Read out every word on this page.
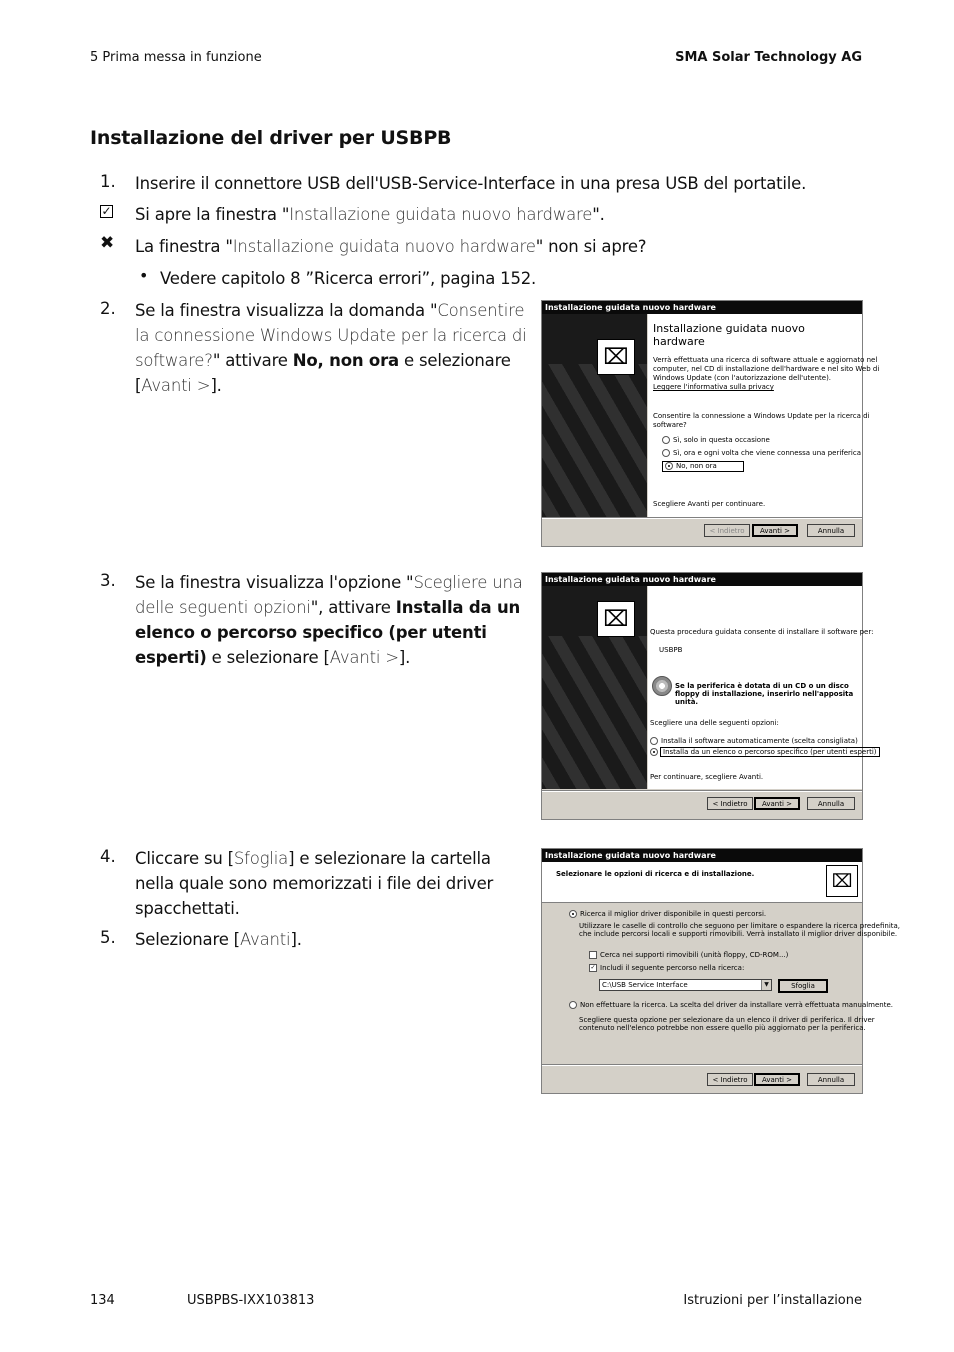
5 Prima messa in funzione	SMA Solar Technology AG
Installazione del driver per USBPB
1. Inserire il connettore USB dell'USB-Service-Interface in una presa USB del portatile.
✓ Si apre la finestra "Installazione guidata nuovo hardware".
✖ La finestra "Installazione guidata nuovo hardware" non si apre?
• Vedere capitolo 8 ”Ricerca errori”, pagina 152.
2. Se la finestra visualizza la domanda "Consentire la connessione Windows Update per la ricerca di software?" attivare No, non ora e selezionare [Avanti >].
Installazione guidata nuovo hardware
⌧
Installazione guidata nuovo hardware
Verrà effettuata una ricerca di software attuale e aggiornato nel
computer, nel CD di installazione dell'hardware e nel sito Web di
Windows Update (con l'autorizzazione dell'utente).
Leggere l'informativa sulla privacy
Consentire la connessione a Windows Update per la ricerca di
software?
Sì, solo in questa occasione
Sì, ora e ogni volta che viene connessa una periferica
No, non ora
Scegliere Avanti per continuare.
< Indietro	Avanti >	Annulla
3. Se la finestra visualizza l'opzione "Scegliere una delle seguenti opzioni", attivare Installa da un elenco o percorso specifico (per utenti esperti) e selezionare [Avanti >].
Installazione guidata nuovo hardware
⌧
Questa procedura guidata consente di installare il software per:
USBPB
Se la periferica è dotata di un CD o un disco
floppy di installazione, inserirlo nell'apposita
unità.
Scegliere una delle seguenti opzioni:
Installa il software automaticamente (scelta consigliata)
Installa da un elenco o percorso specifico (per utenti esperti)
Per continuare, scegliere Avanti.
< Indietro	Avanti >	Annulla
4. Cliccare su [Sfoglia] e selezionare la cartella nella quale sono memorizzati i file dei driver spacchettati.
5. Selezionare [Avanti].
Installazione guidata nuovo hardware
Selezionare le opzioni di ricerca e di installazione.	⌧
Ricerca il miglior driver disponibile in questi percorsi.
Utilizzare le caselle di controllo che seguono per limitare o espandere la ricerca predefinita,
che include percorsi locali e supporti rimovibili. Verrà installato il miglior driver disponibile.
Cerca nei supporti rimovibili (unità floppy, CD-ROM...)
✓ Includi il seguente percorso nella ricerca:
C:\USB Service Interface	▼	Sfoglia
Non effettuare la ricerca. La scelta del driver da installare verrà effettuata manualmente.
Scegliere questa opzione per selezionare da un elenco il driver di periferica. Il driver
contenuto nell'elenco potrebbe non essere quello più aggiornato per la periferica.
< Indietro	Avanti >	Annulla
134	USBPBS-IXX103813	Istruzioni per l’installazione
